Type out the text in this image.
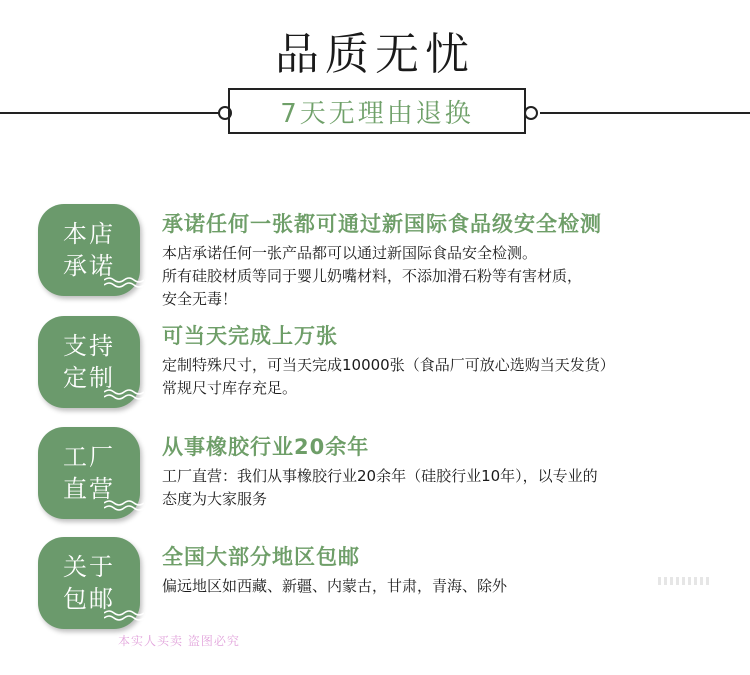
品质无忧
7天无理由退换
本店
承诺
承诺任何一张都可通过新国际食品级安全检测
本店承诺任何一张产品都可以通过新国际食品安全检测。
所有硅胶材质等同于婴儿奶嘴材料，不添加滑石粉等有害材质，
安全无毒！
支持
定制
可当天完成上万张
定制特殊尺寸，可当天完成10000张（食品厂可放心选购当天发货）
常规尺寸库存充足。
工厂
直营
从事橡胶行业20余年
工厂直营：我们从事橡胶行业20余年（硅胶行业10年），以专业的
态度为大家服务
关于
包邮
全国大部分地区包邮
偏远地区如西藏、新疆、内蒙古，甘肃，青海、除外
本实人买卖 盗图必究
